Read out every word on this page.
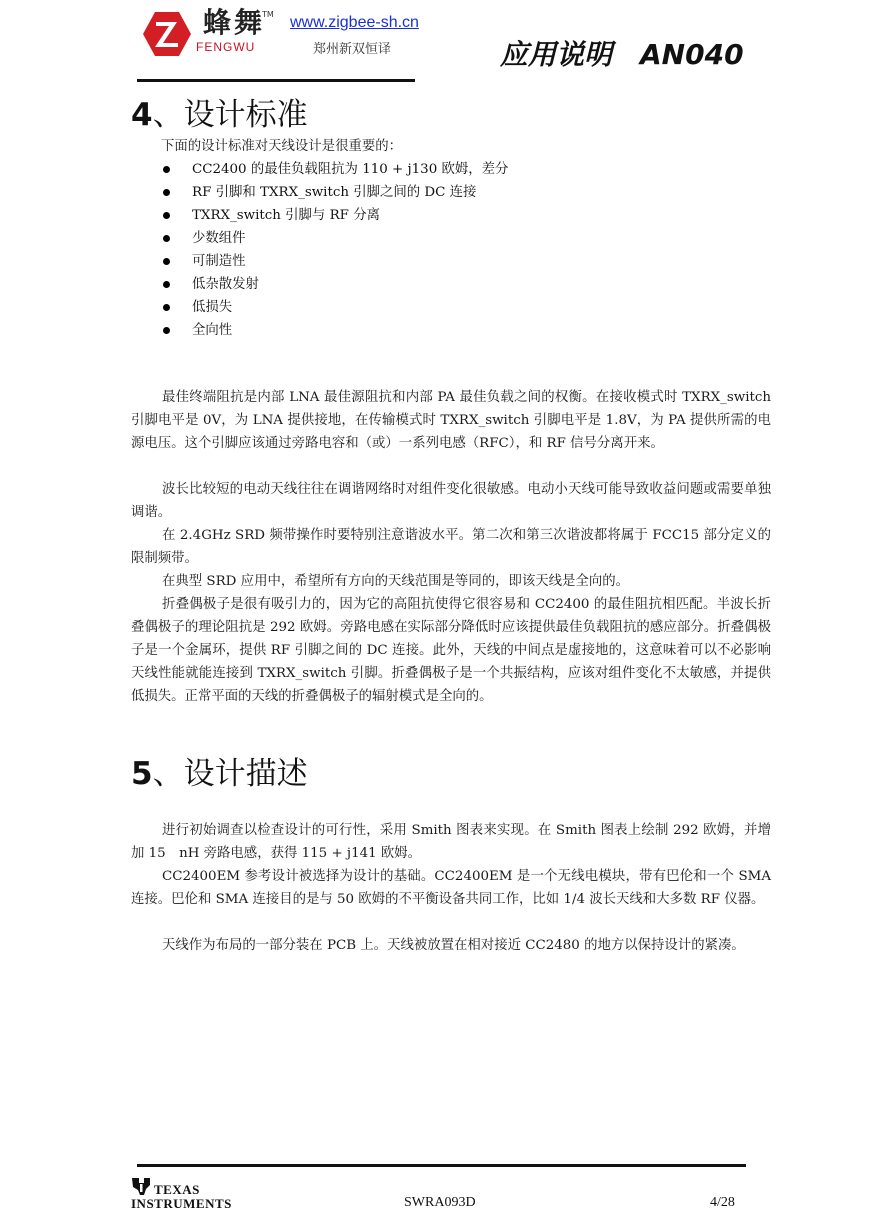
蜂舞
TM
FENGWU
www.zigbee-sh.cn
郑州新双恒译	应用说明　AN040
4、设计标准
下面的设计标准对天线设计是很重要的：
CC2400 的最佳负载阻抗为 110 + j130 欧姆，差分
RF 引脚和 TXRX_switch 引脚之间的 DC 连接
TXRX_switch 引脚与 RF 分离
少数组件
可制造性
低杂散发射
低损失
全向性

最佳终端阻抗是内部 LNA 最佳源阻抗和内部 PA 最佳负载之间的权衡。在接收模式时 TXRX_switch 引脚电平是 0V，为 LNA 提供接地，在传输模式时 TXRX_switch 引脚电平是 1.8V，为 PA 提供所需的电源电压。这个引脚应该通过旁路电容和（或）一系列电感（RFC），和 RF 信号分离开来。

波长比较短的电动天线往往在调谐网络时对组件变化很敏感。电动小天线可能导致收益问题或需要单独调谐。

在 2.4GHz SRD 频带操作时要特别注意谐波水平。第二次和第三次谐波都将属于 FCC15 部分定义的限制频带。

在典型 SRD 应用中，希望所有方向的天线范围是等同的，即该天线是全向的。

折叠偶极子是很有吸引力的，因为它的高阻抗使得它很容易和 CC2400 的最佳阻抗相匹配。半波长折叠偶极子的理论阻抗是 292 欧姆。旁路电感在实际部分降低时应该提供最佳负载阻抗的感应部分。折叠偶极子是一个金属环，提供 RF 引脚之间的 DC 连接。此外，天线的中间点是虚接地的，这意味着可以不必影响天线性能就能连接到 TXRX_switch 引脚。折叠偶极子是一个共振结构，应该对组件变化不太敏感，并提供低损失。正常平面的天线的折叠偶极子的辐射模式是全向的。

5、设计描述

进行初始调查以检查设计的可行性，采用 Smith 图表来实现。在 Smith 图表上绘制 292 欧姆，并增加 15　nH 旁路电感，获得 115 + j141 欧姆。

CC2400EM 参考设计被选择为设计的基础。CC2400EM 是一个无线电模块，带有巴伦和一个 SMA 连接。巴伦和 SMA 连接目的是与 50 欧姆的不平衡设备共同工作，比如 1/4 波长天线和大多数 RF 仪器。

天线作为布局的一部分装在 PCB 上。天线被放置在相对接近 CC2480 的地方以保持设计的紧凑。

TEXAS
INSTRUMENTS	SWRA093D	4/28
